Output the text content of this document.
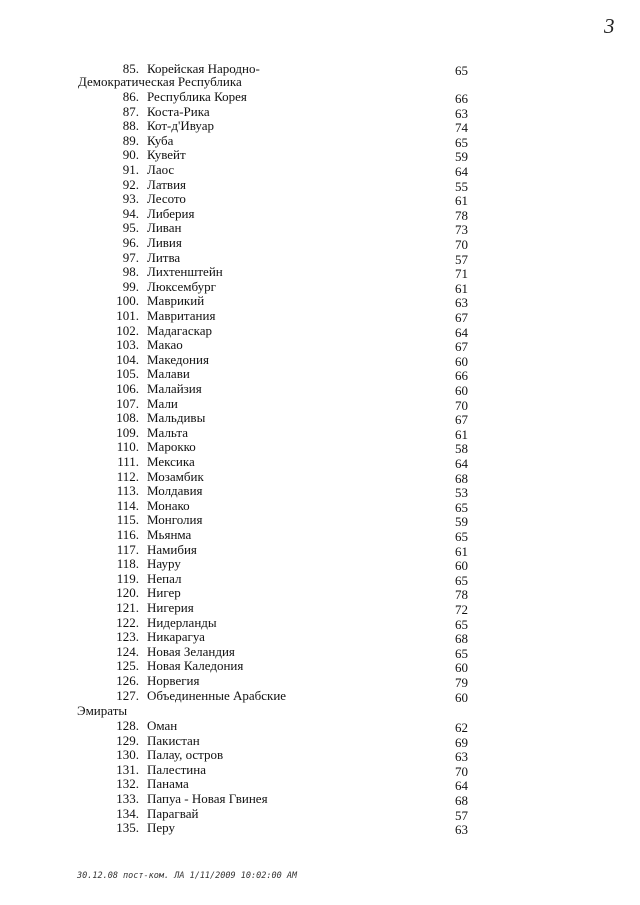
3
85. Корейская Народно-	65
Демократическая Республика
86. Республика Корея	66
87. Коста-Рика	63
88. Кот-д'Ивуар	74
89. Куба	65
90. Кувейт	59
91. Лаос	64
92. Латвия	55
93. Лесото	61
94. Либерия	78
95. Ливан	73
96. Ливия	70
97. Литва	57
98. Лихтенштейн	71
99. Люксембург	61
100. Маврикий	63
101. Мавритания	67
102. Мадагаскар	64
103. Макао	67
104. Македония	60
105. Малави	66
106. Малайзия	60
107. Мали	70
108. Мальдивы	67
109. Мальта	61
110. Марокко	58
111. Мексика	64
112. Мозамбик	68
113. Молдавия	53
114. Монако	65
115. Монголия	59
116. Мьянма	65
117. Намибия	61
118. Науру	60
119. Непал	65
120. Нигер	78
121. Нигерия	72
122. Нидерланды	65
123. Никарагуа	68
124. Новая Зеландия	65
125. Новая Каледония	60
126. Норвегия	79
127. Объединенные Арабские	60
Эмираты
128. Оман	62
129. Пакистан	69
130. Палау, остров	63
131. Палестина	70
132. Панама	64
133. Папуа - Новая Гвинея	68
134. Парагвай	57
135. Перу	63
30.12.08 пост-ком. ЛА 1/11/2009 10:02:00 AM
